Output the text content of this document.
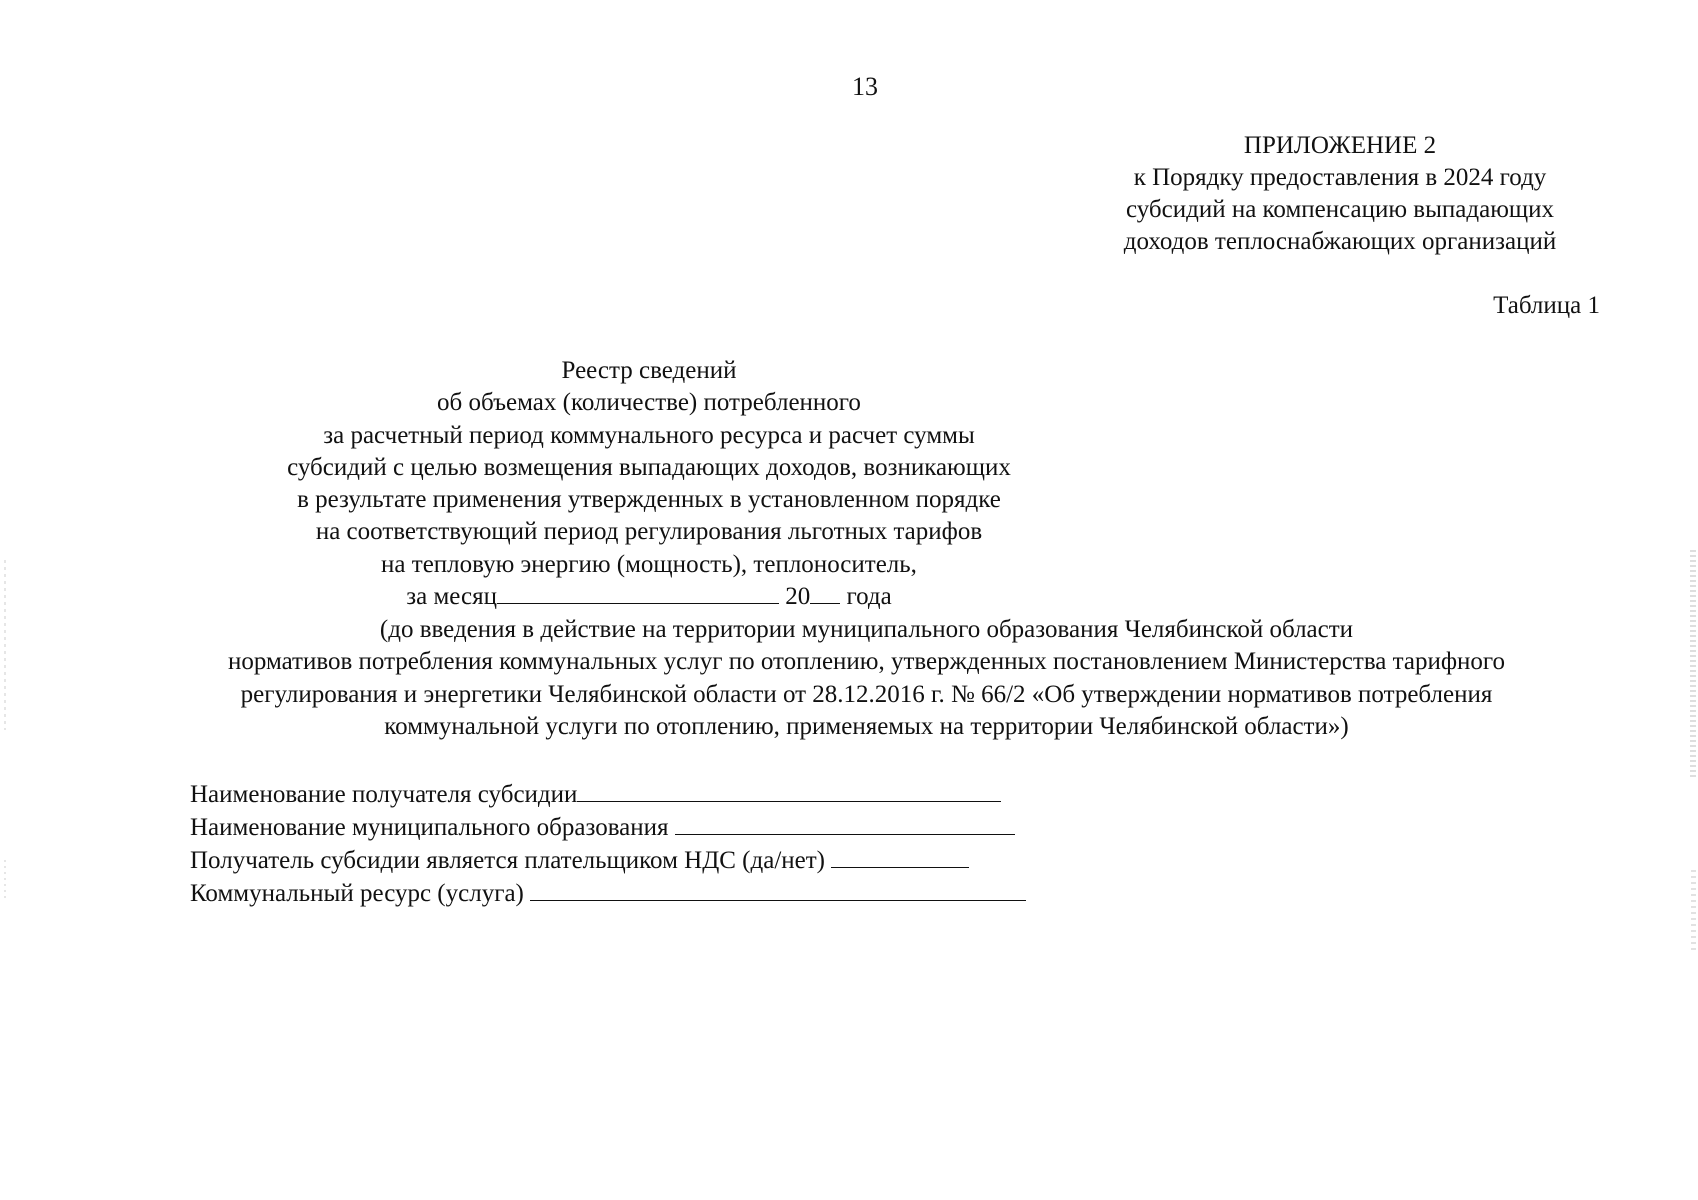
13
ПРИЛОЖЕНИЕ 2
к Порядку предоставления в 2024 году
субсидий на компенсацию выпадающих
доходов теплоснабжающих организаций
Таблица 1
Реестр сведений
об объемах (количестве) потребленного
за расчетный период коммунального ресурса и расчет суммы
субсидий с целью возмещения выпадающих доходов, возникающих
в результате применения утвержденных в установленном порядке
на соответствующий период регулирования льготных тарифов
на тепловую энергию (мощность), теплоноситель,
за месяц	20 года
(до введения в действие на территории муниципального образования Челябинской области
нормативов потребления коммунальных услуг по отоплению, утвержденных постановлением Министерства тарифного
регулирования и энергетики Челябинской области от 28.12.2016 г. № 66/2 «Об утверждении нормативов потребления
коммунальной услуги по отоплению, применяемых на территории Челябинской области»)
Наименование получателя субсидии
Наименование муниципального образования
Получатель субсидии является плательщиком НДС (да/нет)
Коммунальный ресурс (услуга)
